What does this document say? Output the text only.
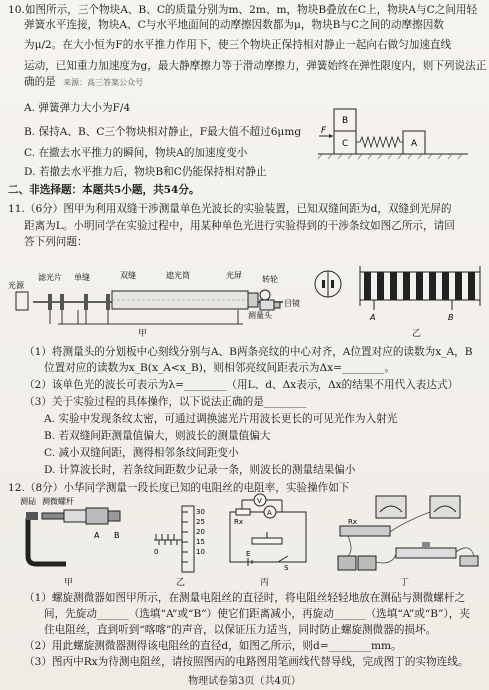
10.如图所示，三个物块A、B、C的质量分别为m、2m、m，物块B叠放在C上，物块A与C之间用轻
弹簧水平连接，物块A、C与水平地面间的动摩擦因数都为μ，物块B与C之间的动摩擦因数
为μ/2。在大小恒为F的水平推力作用下，使三个物块正保持相对静止一起向右做匀加速直线
运动，已知重力加速度为g，最大静摩擦力等于滑动摩擦力，弹簧始终在弹性限度内，则下列说法正
确的是 来源：高三答案公众号
A. 弹簧弹力大小为F/4
B. 保持A、B、C三个物块相对静止，F最大值不超过6μmg
C. 在撤去水平推力的瞬间，物块A的加速度变小
D. 若撤去水平推力后，物块B和C仍能保持相对静止
F
B
C	A
二、非选择题：本题共5小题，共54分。
11.（6分）图甲为利用双缝干涉测量单色光波长的实验装置，已知双缝间距为d，双缝到光屏的
距离为L。小明同学在实验过程中，用某种单色光进行实验得到的干涉条纹如图乙所示，请回
答下列问题：
光源
滤光片 单缝	双缝	遮光筒	光屏	转轮
目镜
测量头
甲
A	B
乙
（1）将测量头的分划板中心刻线分别与A、B两条亮纹的中心对齐，A位置对应的读数为x_A，B
位置对应的读数为x_B(x_A<x_B)，则相邻亮纹间距表示为Δx=________。
（2）该单色光的波长可表示为λ=________（用L、d、Δx表示，Δx的结果不用代入表达式）
（3）关于实验过程的具体操作，以下说法正确的是________
A. 实验中发现条纹太密，可通过调换滤光片用波长更长的可见光作为入射光
B. 若双缝间距测量值偏大，则波长的测量值偏大
C. 减小双缝间距，测得相邻条纹间距变小
D. 计算波长时，若条纹间距数少记录一条，则波长的测量结果偏小
12.（8分）小华同学测量一段长度已知的电阻丝的电阻率，实验操作如下
测砧 测微螺杆
A B
甲
30
25
20
15
10
0
乙
V
A
Rx
E
S
丙
Rx
丁
（1）螺旋测微器如图甲所示，在测量电阻丝的直径时，将电阻丝轻轻地放在测砧与测微螺杆之
间，先旋动______（选填“A”或“B”）使它们距离减小，再旋动______（选填“A”或“B”），夹
住电阻丝，直到听到“喀喀”的声音，以保证压力适当，同时防止螺旋测微器的损坏。
（2）用此螺旋测微器测得该电阻丝的直径d，如图乙所示，则d=________mm。
（3）图丙中Rx为待测电阻丝，请按照图丙的电路图用笔画线代替导线，完成图丁的实物连线。
物理试卷第3页（共4页）
